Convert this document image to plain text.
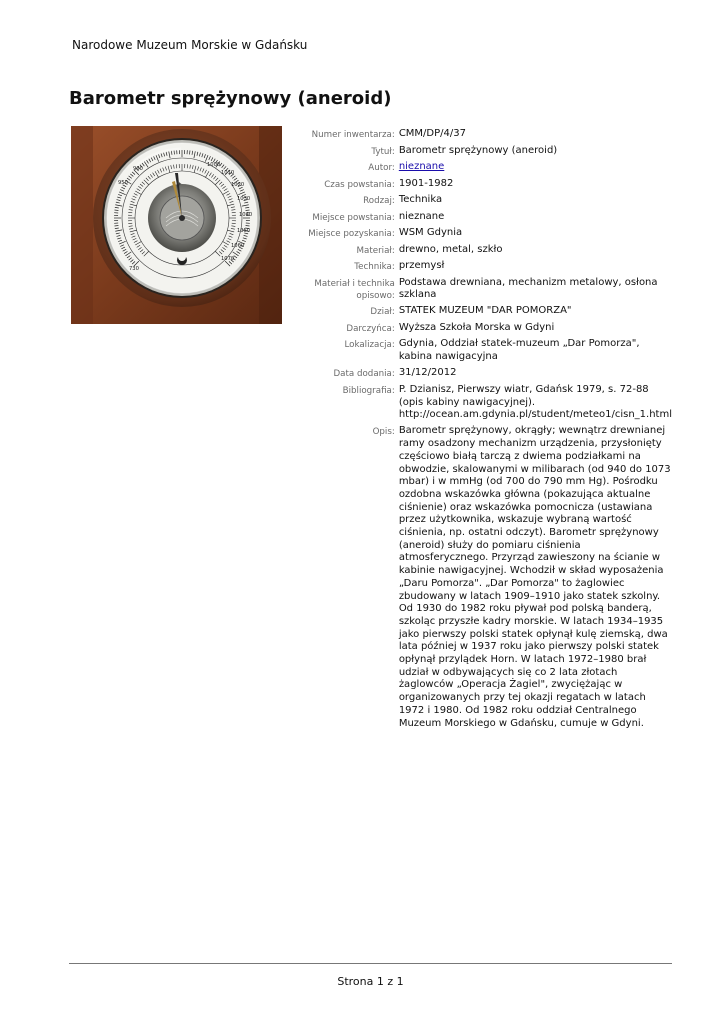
Narodowe Muzeum Morskie w Gdańsku
Barometr sprężynowy (aneroid)
✦
960
950
1000
1010
1020
1030
1040
1050
1060
1070
730
Numer inwentarza:	CMM/DP/4/37
Tytuł:	Barometr sprężynowy (aneroid)
Autor:	nieznane
Czas powstania:	1901-1982
Rodzaj:	Technika
Miejsce powstania:	nieznane
Miejsce pozyskania:	WSM Gdynia
Materiał:	drewno, metal, szkło
Technika:	przemysł
Materiał i technika opisowo:	Podstawa drewniana, mechanizm metalowy, osłona szklana
Dział:	STATEK MUZEUM "DAR POMORZA"
Darczyńca:	Wyższa Szkoła Morska w Gdyni
Lokalizacja:	Gdynia, Oddział statek-muzeum „Dar Pomorza", kabina nawigacyjna
Data dodania:	31/12/2012
Bibliografia:	P. Dzianisz, Pierwszy wiatr, Gdańsk 1979, s. 72-88 (opis kabiny nawigacyjnej). http://ocean.am.gdynia.pl/student/meteo1/cisn_1.html
Opis:	Barometr sprężynowy, okrągły; wewnątrz drewnianej ramy osadzony mechanizm urządzenia, przysłonięty częściowo białą tarczą z dwiema podziałkami na obwodzie, skalowanymi w milibarach (od 940 do 1073 mbar) i w mmHg (od 700 do 790 mm Hg). Pośrodku ozdobna wskazówka główna (pokazująca aktualne ciśnienie) oraz wskazówka pomocnicza (ustawiana przez użytkownika, wskazuje wybraną wartość ciśnienia, np. ostatni odczyt). Barometr sprężynowy (aneroid) służy do pomiaru ciśnienia atmosferycznego. Przyrząd zawieszony na ścianie w kabinie nawigacyjnej. Wchodził w skład wyposażenia „Daru Pomorza". „Dar Pomorza" to żaglowiec zbudowany w latach 1909–1910 jako statek szkolny. Od 1930 do 1982 roku pływał pod polską banderą, szkoląc przyszłe kadry morskie. W latach 1934–1935 jako pierwszy polski statek opłynął kulę ziemską, dwa lata później w 1937 roku jako pierwszy polski statek opłynął przylądek Horn. W latach 1972–1980 brał udział w odbywających się co 2 lata złotach żaglowców „Operacja Żagiel", zwyciężając w organizowanych przy tej okazji regatach w latach 1972 i 1980. Od 1982 roku oddział Centralnego Muzeum Morskiego w Gdańsku, cumuje w Gdyni.
Strona 1 z 1
